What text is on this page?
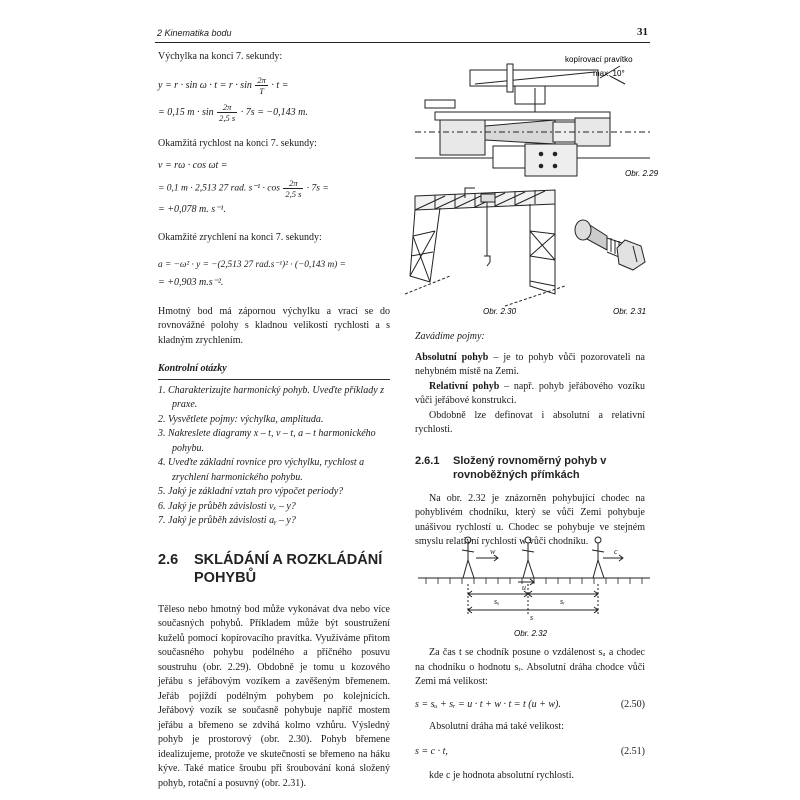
2 Kinematika bodu	31

Výchylka na konci 7. sekundy:

$y = r \cdot \sin \omega \cdot t = r \cdot \sin \frac{2\pi}{T} \cdot t$ =
= 0,15 $m \cdot \sin \frac{2\pi}{2,5 s} \cdot 7s = -0,143$ m.

Okamžitá rychlost na konci 7. sekundy:

v = rω · cos ωt =
= 0,1 m · 2,513 27 rad. $s^{-1} \cdot \cos \frac{2\pi}{2,5 s} \cdot 7s$ =
= +0,078 m. s⁻¹.

Okamžité zrychlení na konci 7. sekundy:

a = −ω² · y = −(2,513 27 rad.s⁻¹)² · (−0,143 m) =
= +0,903 m.s⁻².

Hmotný bod má zápornou výchylku a vrací se do rovnovážné polohy s kladnou velikostí rychlosti a s kladným zrychlením.

Kontrolní otázky

1. Charakterizujte harmonický pohyb. Uveďte příklady z praxe.
2. Vysvětlete pojmy: výchylka, amplituda.
3. Nakreslete diagramy x – t, v – t, a – t harmonického pohybu.
4. Uveďte základní rovnice pro výchylku, rychlost a zrychlení harmonického pohybu.
5. Jaký je základní vztah pro výpočet periody?
6. Jaký je průběh závislosti vₓ – y?
7. Jaký je průběh závislosti aᵧ – y?
2.6	SKLÁDÁNÍ A ROZKLÁDÁNÍ POHYBŮ

Těleso nebo hmotný bod může vykonávat dva nebo více současných pohybů. Příkladem může být soustružení kuželů pomocí kopírovacího pravítka. Využíváme přitom současného pohybu podélného a příčného posuvu soustruhu (obr. 2.29). Obdobně je tomu u kozového jeřábu s jeřábovým vozíkem a zavěšeným břemenem. Jeřáb pojíždí podélným pohybem po kolejnicích. Jeřábový vozík se současně pohybuje napříč mostem jeřábu a břemeno se zdvihá kolmo vzhůru. Výsledný pohyb je prostorový (obr. 2.30). Pohyb břemene idealizujeme, protože ve skutečnosti se břemeno na háku kýve. Také matice šroubu při šroubování koná složený pohyb, rotační a posuvný (obr. 2.31).

kopírovací pravítko
max. 10°
Obr. 2.29
Obr. 2.30	Obr. 2.31

Zavádíme pojmy:

Absolutní pohyb – je to pohyb vůči pozorovateli na nehybném místě na Zemi.

Relativní pohyb – např. pohyb jeřábového vozíku vůči jeřábové konstrukci.

Obdobně lze definovat i absolutní a relativní rychlosti.

2.6.1	Složený rovnoměrný pohyb v rovnoběžných přímkách

Na obr. 2.32 je znázorněn pohybující chodec na pohyblivém chodníku, který se vůči Zemi pohybuje unášivou rychlostí u. Chodec se pohybuje ve stejném smyslu relativní rychlostí w vůči chodníku.

w	c
u
sᵤ	sᵣ
s
Obr. 2.32

Za čas t se chodník posune o vzdálenost sᵤ a chodec na chodníku o hodnotu sᵣ. Absolutní dráha chodce vůči Zemi má velikost:

s = sᵤ + sᵣ = u · t + w · t = t (u + w).	(2.50)

Absolutní dráha má také velikost:

s = c · t,	(2.51)

kde c je hodnota absolutní rychlosti.
